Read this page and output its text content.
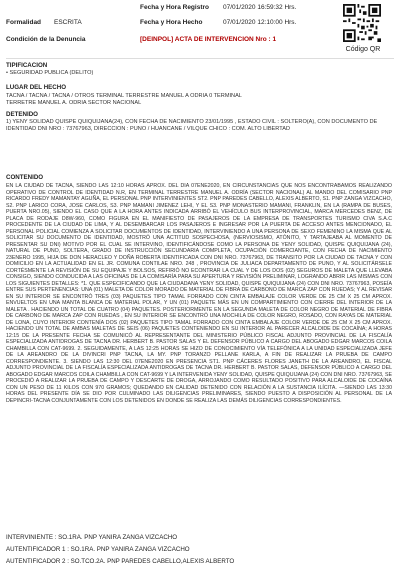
Fecha y Hora Registro 07/01/2020 16:59:32 Hrs.
Formalidad ESCRITA	Fecha y Hora Hecho	07/01/2020 12:10:00 Hrs.
Condición de la Denuncia	[DEINPOL] ACTA DE INTERVENCION Nro : 1
Código QR
TIPIFICACION
• SEGURIDAD PUBLICA (DELITO)
LUGAR DEL HECHO
TACNA / TACNA / TACNA / OTROS TERMINAL TERRESTRE MANUEL A ODRIA 0 TERMINAL
TERRETRE MANUEL A. ODRIA SECTOR NACIONAL
DETENIDO
1) YENY SOLIDAD QUISPE QUIQUIJANA(24), CON FECHA DE NACIMIENTO 23/01/1995 , ESTADO CIVIL : SOLTERO(A), CON DOCUMENTO DE IDENTIDAD DNI NRO : 73767963, DIRECCION : PUNO / HUANCANE / VILQUE CHICO : COM. ALTO LIBERTAD
CONTENIDO
EN LA CIUDAD DE TACNA, SIENDO LAS 12:10 HORAS APROX. DEL DÍA 07ENE2020, EN CIRCUNSTANCIAS QUE NOS ENCONTRÁBAMOS REALIZANDO OPERATIVO DE CONTROL DE IDENTIDAD N.R, EN TERMINAL TERRESTRE MANUEL A. ODRÍA (SECTOR NACIONAL) AL MANDO DEL COMISARIO PNP RICARDO FREDY MAMANTAY AGUÑA, EL PERSONAL PNP INTERVINIENTES ST2. PNP PAREDES CABELLO, ALEXIS ALBERTO, S1. PNP ZANGA VIZCACHO, S2. PNP LARICO CORA, JOSE CARLOS, S3. PNP MAMANI JIMENEZ LEHI, Y EL S3. PNP MONASTERIO MAMANI, FRANKLIN, EN LA (RAMPA DE BUSES, PUERTA NRO.05), SIENDO EL CASO QUE A LA HORA ANTES INDICADA ARRIBÓ EL VEHÍCULO BUS INTERPROVINCIAL, MARCA MERCEDES BENZ, DE PLACA DE RODAJE D8W-960, COMO FIGURA EN EL MANIFIESTO DE PASAJEROS DE LA EMPRESA DE TRANSPORTES TURISMO CIVA S.A.C PROCEDENTE DE LA CIUDAD DE LIMA, Y AL DESEMBARCAR LOS PASAJEROS E INGRESAR POR LA PUERTA DE ACCESO ANTES MENCIONADO, EL PERSONAL POLICIAL COMIENZA A SOLICITAR DOCUMENTOS DE IDENTIDAD, INTERVINIENDO A UNA PERSONA DE SEXO FEMENINO LA MISMA QUE AL SOLICITAR SU DOCUMENTO DE IDENTIDAD, MOSTRÓ UNA ACTITUD SOSPECHOSA, (NERVIOSISMO, ATÓNITO, Y TARTAJEABA AL MOMENTO DE PRESENTAR SU DNI) MOTIVO POR EL CUAL SE INTERVINO, IDENTIFICÁNDOSE COMO LA PERSONA DE YENY SOLIDAD, QUISPE QUIQUIJANA (24), NATURAL DE PUNO, SOLTERA, GRADO DE INSTRUCCIÓN SECUNDARIA COMPLETA, OCUPACIÓN COMERCIANTE, CON FECHA DE NACIMIENTO 23ENERO 1995, HIJA DE DON HERACLEO Y DOÑA ROBERTA IDENTIFICADA CON DNI NRO. 73767963, DE TRANSITO POR LA CIUDAD DE TACNA Y CON DOMICILIO EN LA ACTUALIDAD EN EL JR. COMUNA CONTILAE NRO. 248 , PROVINCIA DE JULIACA DEPARTAMENTO DE PUNO, Y AL SOLICITÁRSELE CORTÉSMENTE LA REVISIÓN DE SU EQUIPAJE Y BOLSOS, REFIRIÓ NO ECONTRAR LA CUAL Y DE LOS DOS (02) SEGUROS DE MALETA QUE LLEVABA CONSIGO, SIENDO CONDUCIDA A LAS OFICINAS DE LA COMISARÍA PARA SU APERTURA Y REVISIÓN PRELIMINAR, LOGRANDO ABRIR LAS MISMAS CON LOS SIGUIENTES DETALLES: *1. QUE ESPECIFICANDO QUE LA CIUDADANA YENY SOLIDAD, QUISPE QUIQUIJANA (24) CON DNI NRO. 73767963, POSEÍA ENTRE SUS PERTENENCIAS: UNA (01) MALETA DE COLOR MORADO DE MATERIAL DE FIBRA DE CARBONO DE MARCA ZAP CON RUEDAS; Y AL REVISAR EN SU INTERIOR SE ENCONTRÓ TRES (03) PAQUETES TIPO TAMAL FORRADO CON CINTA EMBALAJE COLOR VERDE DE 25 CM X 25 CM APROX. ENVUELTOS EN UNA MANTA BLANCA DE MATERIAL POLAR, Y UN (01) PAQUETE MÁS EN UN COMPARTIMIENTO CON CIERRE DEL INTERIOR DE LA MALETA . HACIENDO UN TOTAL DE CUATRO (04) PAQUETES. POSTERIORMENTE EN LA SEGUNDA MALETA DE COLOR NEGRO DE MATERIAL DE FIBRA DE CARBONO DE MARCA ZAP CON RUEDAS , EN SU INTERIOR SE ENCONTRÓ UNA MOCHILA DE COLOR NEGRO, ROSADO, CON RAYAS DE MATERIAL DE LONA, CUYO INTERIOR CONTENÍA DOS (02) PAQUETES TIPO TAMAL FORRADO CON CINTA EMBALAJE COLOR VERDE DE 25 CM X 25 CM APROX. HACIENDO UN TOTAL DE AMBAS MALETAS DE SEIS (06) PAQUETES CONTENIENDO EN SU INTERIOR AL PARECER ALCALOIDE DE COCAÍNA; A HORAS 12:15 DE LA PRESENTE FECHA SE COMUNICÓ AL REPRESENTANTE DEL MINISTERIO PÚBLICO FISCAL ADJUNTO PROVINCIAL DE LA FISCALÍA ESPECIALIZADA ANTIDROGAS DE TACNA DR. HERBERT B. PASTOR SALAS Y EL DEFENSOR PÚBLICO A CARGO DEL ABOGADO EDGAR MARCOS COILA CHAMBILLA CON CAT-9699. 2. SEGUIDAMENTE, A LAS 12:25 HORAS SE HIZO DE CONOCIMIENTO VÍA TELEFÓNICA A LA UNIDAD ESPECIALIZADA JEFE DE LA AREANDRO DE LA DIVINCRI PNP TACNA, LA MY. PNP TORANZO PELLANE KARLA, A FIN DE REALIZAR LA PRUEBA DE CAMPO CORRESPONDIENTE. 3. SIENDO LAS 12:30 DEL 07ENE2020 EN PRESENCIA ST1. PNP CÁCERES FLORES JANETH DE LA AREANDRO, EL FISCAL ADJUNTO PROVINCIAL DE LA FISCALÍA ESPECIALIZADA ANTIDROGAS DE TACNA DR. HERBERT B. PASTOR SALAS, DEFENSOR PÚBLICO A CARGO DEL ABOGADO EDGAR MARCOS COILA CHAMBILLA CON CAT-9699 Y LA INTERVENIDA YENY SOLIDAD, QUISPE QUIQUIJANA (24) CON DNI NRO. 73767963, SE PROCEDIÓ A REALIZAR LA PRUEBA DE CAMPO Y DESCARTE DE DROGA, ARROJANDO COMO RESULTADO POSITIVO PARA ALCALOIDE DE COCAÍNA CON UN PESO DE 11 KILOS CON 970 GRAMOS; QUEDANDO EN CALIDAD DETENIDO CON RELACIÓN A LA SUSTANCIA ILÍCITA. —SIENDO LAS 13:30 HORAS DEL PRESENTE DÍA SE DIO POR CULMINADO LAS DILIGENCIAS PRELIMINARES, SIENDO PUESTO A DISPOSICIÓN AL PERSONAL DE LA DEPINCRI-TACNA CONJUNTAMENTE CON LOS DETENIDOS EN DONDE SE REALIZA LAS DEMÁS DILIGENCIAS CORRESPONDIENTES.
INTERVINIENTE : SO.1RA. PNP YANIRA ZANGA VIZCACHO
AUTENTIFICADOR 1 : SO.1RA. PNP YANIRA ZANGA VIZCACHO
AUTENTIFICADOR 2 : SO.TCO.2A. PNP PAREDES CABELLO,ALEXIS ALBERTO
